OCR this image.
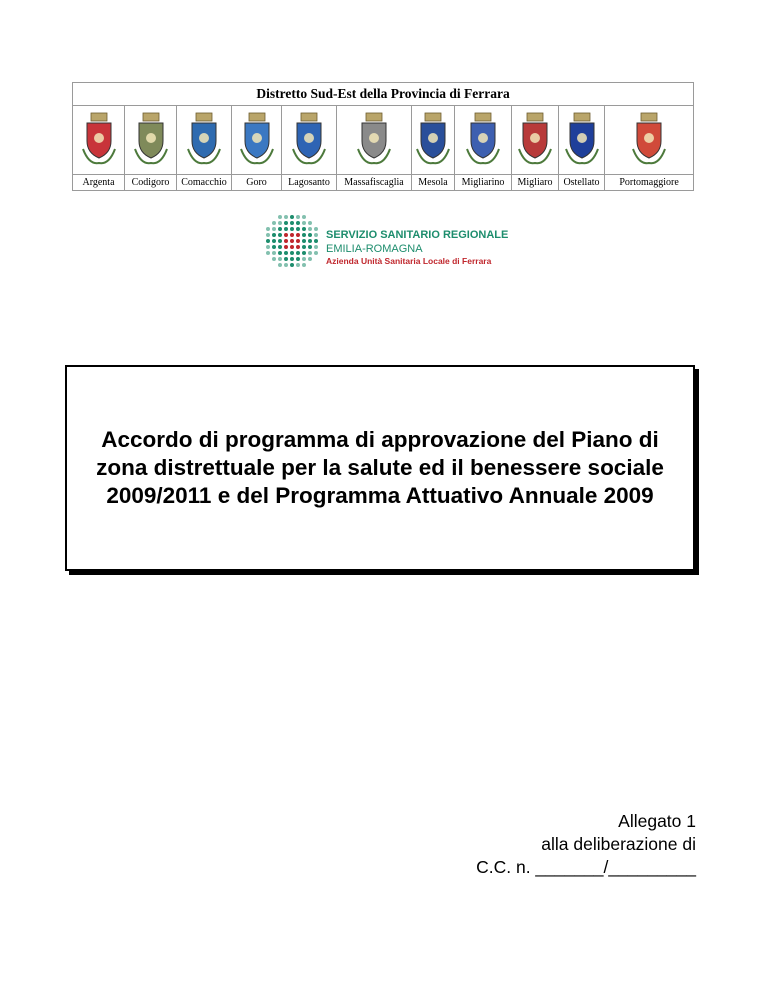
Distretto Sud-Est della Provincia di Ferrara										

Argenta	Codigoro	Comacchio	Goro	Lagosanto	Massafiscaglia	Mesola	Migliarino	Migliaro	Ostellato	Portomaggiore
SERVIZIO SANITARIO REGIONALE
EMILIA-ROMAGNA
Azienda Unità Sanitaria Locale di Ferrara
Accordo di programma di approvazione del Piano di zona distrettuale per la salute ed il benessere sociale 2009/2011 e del Programma Attuativo Annuale 2009
Allegato 1
alla deliberazione di
C.C. n. _______/_________
